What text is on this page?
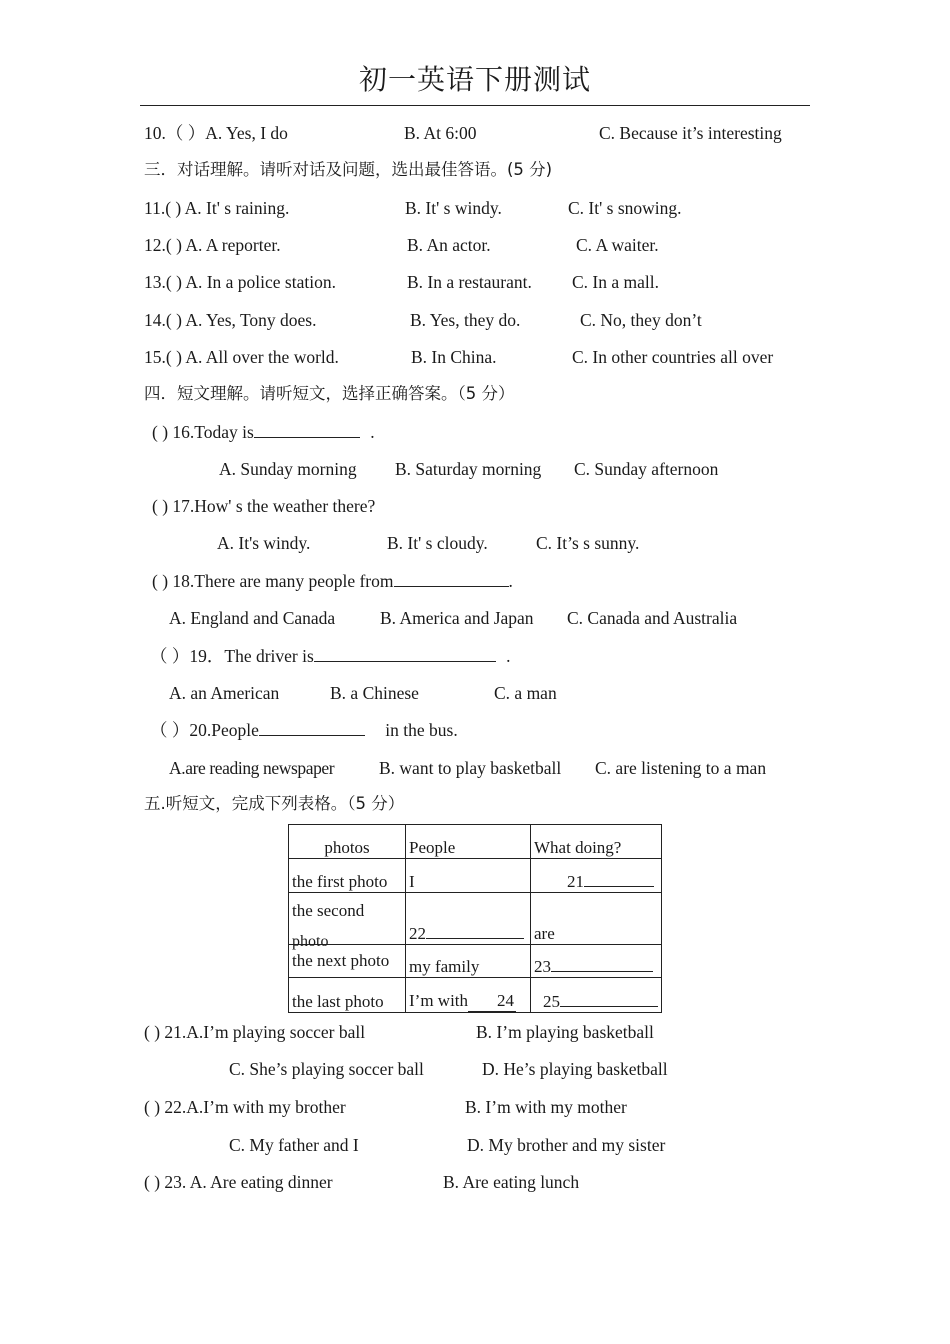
初一英语下册测试
10.（ ）A. Yes, I do	B. At 6:00	C. Because it’s interesting
三．对话理解。请听对话及问题，选出最佳答语。(5 分)
11.( ) A. It' s raining.	B. It' s windy.	C. It' s snowing.
12.( ) A. A reporter.	B. An actor.	C. A waiter.
13.( ) A. In a police station.	B. In a restaurant. C. In a mall.
14.( ) A. Yes, Tony does.	B. Yes, they do.	C. No, they don’t
15.( ) A. All over the world.	B. In China.	C. In other countries all over
四．短文理解。请听短文，选择正确答案。（5 分）
( ) 16.Today is	.
A. Sunday morning B. Saturday morning C. Sunday afternoon
( ) 17.How' s the weather there?
A. It's windy.	B. It' s cloudy.	C. It’s s sunny.
( ) 18.There are many people from	.
A. England and Canada	B. America and Japan C. Canada and Australia
（ ）19．The driver is	.
A. an American	B. a Chinese	C. a man
（ ）20.People	in the bus.
A.are reading newspaper	B. want to play basketball C. are listening to a man
五.听短文，完成下列表格。（5 分）
photos	People	What doing?
the first photo	I	21
the second
photo	22	are
the next photo	my family	23
the last photo	I’m with 24	25
( ) 21.A.I’m playing soccer ball	B. I’m playing basketball
C. She’s playing soccer ball	D. He’s playing basketball
( ) 22.A.I’m with my brother	B. I’m with my mother
C. My father and I	D. My brother and my sister
( ) 23. A. Are eating dinner	B. Are eating lunch
